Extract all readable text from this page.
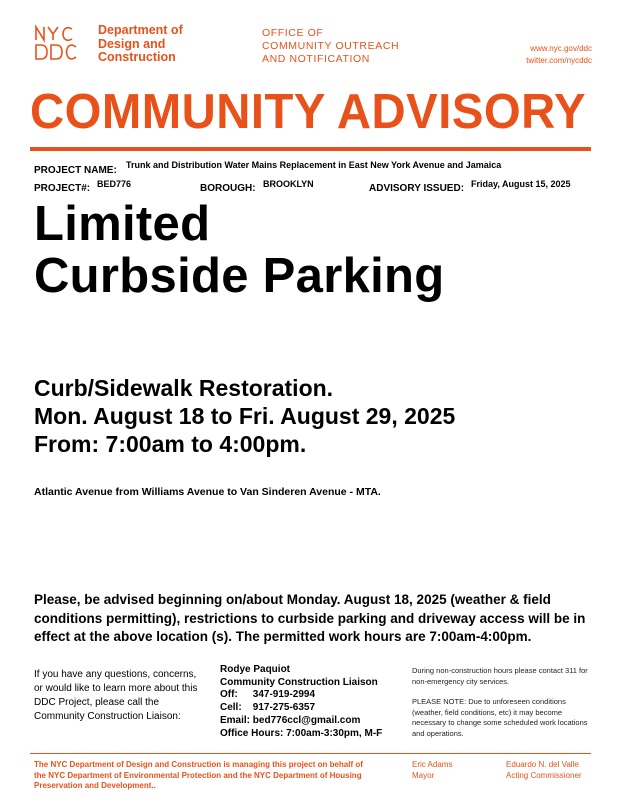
Department of
Design and
Construction
OFFICE OF
COMMUNITY OUTREACH
AND NOTIFICATION
www.nyc.gov/ddc
twitter.com/nycddc
COMMUNITY ADVISORY
PROJECT NAME: Trunk and Distribution Water Mains Replacement in East New York Avenue and Jamaica
PROJECT#: BED776	BOROUGH: BROOKLYN	ADVISORY ISSUED: Friday, August 15, 2025
Limited
Curbside Parking
Curb/Sidewalk Restoration.
Mon. August 18 to Fri. August 29, 2025
From: 7:00am to 4:00pm.
Atlantic Avenue from Williams Avenue to Van Sinderen Avenue - MTA.
Please, be advised beginning on/about Monday. August 18, 2025 (weather & field conditions permitting), restrictions to curbside parking and driveway access will be in effect at the above location (s). The permitted work hours are 7:00am-4:00pm.
If you have any questions, concerns, or would like to learn more about this DDC Project, please call the Community Construction Liaison:
Rodye Paquiot
Community Construction Liaison
Off: 347-919-2994
Cell: 917-275-6357
Email: bed776ccl@gmail.com
Office Hours: 7:00am-3:30pm, M-F
During non-construction hours please contact 311 for non-emergency city services.
PLEASE NOTE: Due to unforeseen conditions (weather, field conditions, etc) it may become necessary to change some scheduled work locations and operations.
The NYC Department of Design and Construction is managing this project on behalf of the NYC Department of Environmental Protection and the NYC Department of Housing Preservation and Development..
Eric Adams
Mayor
Eduardo N. del Valle
Acting Commissioner
